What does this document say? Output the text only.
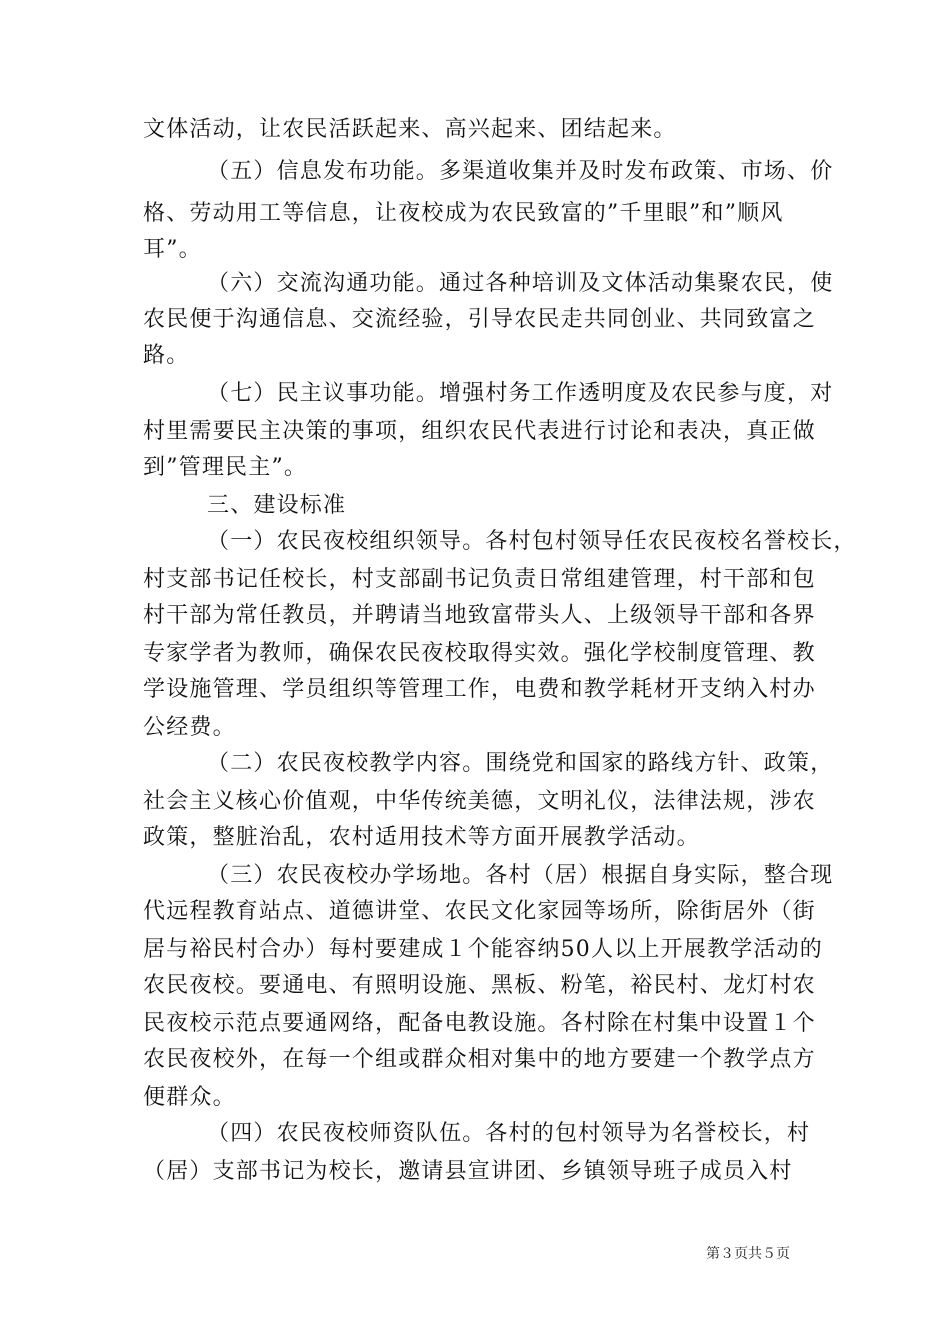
文体活动，让农民活跃起来、高兴起来、团结起来。
（五）信息发布功能。多渠道收集并及时发布政策、市场、价
格、劳动用工等信息，让夜校成为农民致富的”千里眼”和”顺风
耳”。
（六）交流沟通功能。通过各种培训及文体活动集聚农民，使
农民便于沟通信息、交流经验，引导农民走共同创业、共同致富之
路。
（七）民主议事功能。增强村务工作透明度及农民参与度，对
村里需要民主决策的事项，组织农民代表进行讨论和表决，真正做
到”管理民主”。
三、建设标准
（一）农民夜校组织领导。各村包村领导任农民夜校名誉校长，
村支部书记任校长，村支部副书记负责日常组建管理，村干部和包
村干部为常任教员，并聘请当地致富带头人、上级领导干部和各界
专家学者为教师，确保农民夜校取得实效。强化学校制度管理、教
学设施管理、学员组织等管理工作，电费和教学耗材开支纳入村办
公经费。
（二）农民夜校教学内容。围绕党和国家的路线方针、政策，
社会主义核心价值观，中华传统美德，文明礼仪，法律法规，涉农
政策，整脏治乱，农村适用技术等方面开展教学活动。
（三）农民夜校办学场地。各村（居）根据自身实际，整合现
代远程教育站点、道德讲堂、农民文化家园等场所，除街居外（街
居与裕民村合办）每村要建成１个能容纳50人以上开展教学活动的
农民夜校。要通电、有照明设施、黑板、粉笔，裕民村、龙灯村农
民夜校示范点要通网络，配备电教设施。各村除在村集中设置１个
农民夜校外，在每一个组或群众相对集中的地方要建一个教学点方
便群众。
（四）农民夜校师资队伍。各村的包村领导为名誉校长，村
（居）支部书记为校长，邀请县宣讲团、乡镇领导班子成员入村
第３页共５页
